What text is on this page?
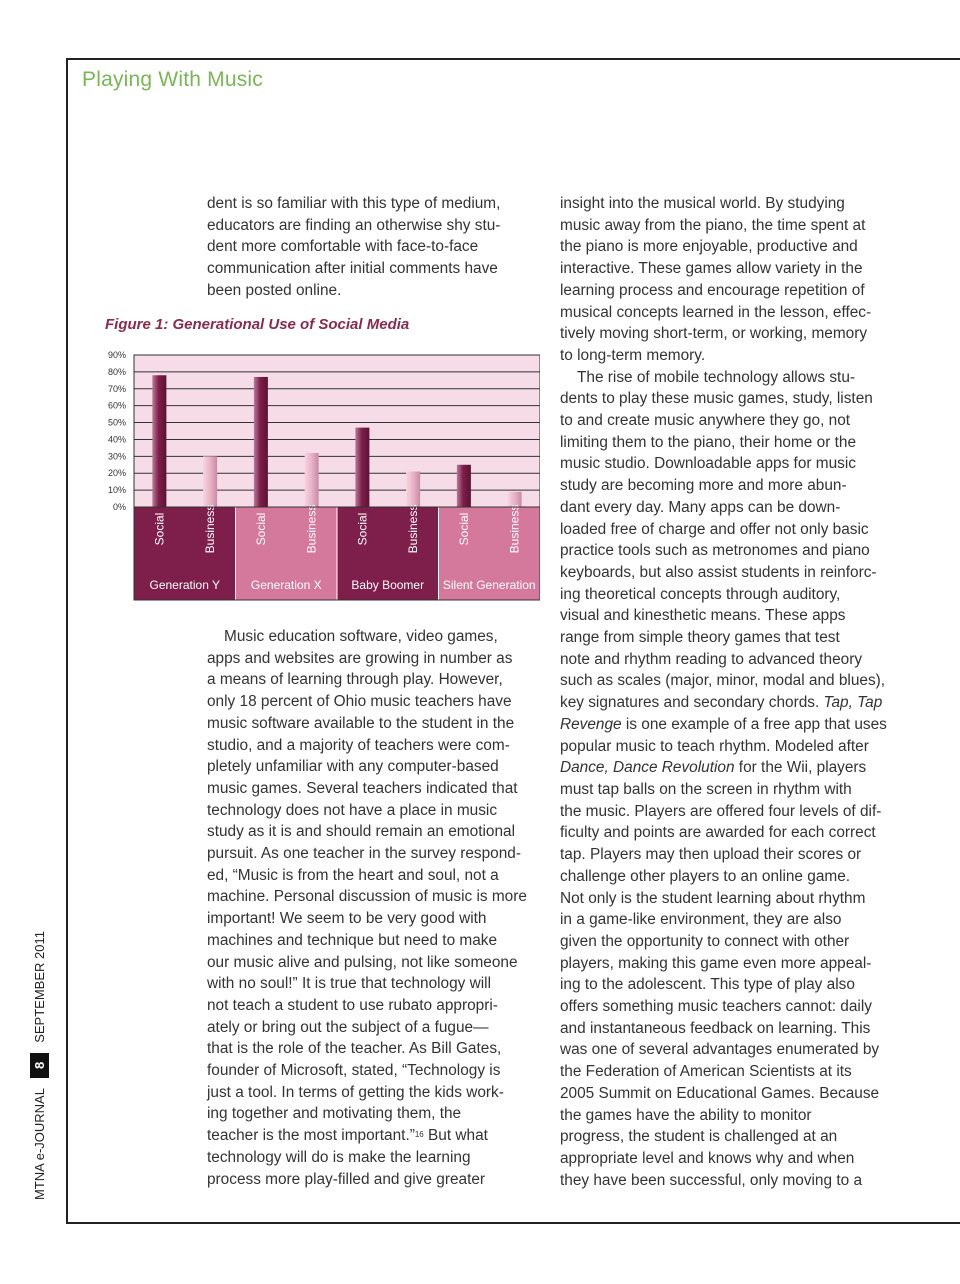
Playing With Music
MTNA e-JOURNAL
8
SEPTEMBER 2011

dent is so familiar with this type of medium,
educators are finding an otherwise shy stu-
dent more comfortable with face-to-face
communication after initial comments have
been posted online.

Figure 1: Generational Use of Social Media
90%
80%
70%
60%
50%
40%
30%
20%
10%
0%
Generation Y	Generation X Baby Boomer Silent Generation
Social	Business	Social	Business	Social	Business	Social	Business

Music education software, video games,
apps and websites are growing in number as
a means of learning through play. However,
only 18 percent of Ohio music teachers have
music software available to the student in the
studio, and a majority of teachers were com-
pletely unfamiliar with any computer-based
music games. Several teachers indicated that
technology does not have a place in music
study as it is and should remain an emotional
pursuit. As one teacher in the survey respond-
ed, “Music is from the heart and soul, not a
machine. Personal discussion of music is more
important! We seem to be very good with
machines and technique but need to make
our music alive and pulsing, not like someone
with no soul!” It is true that technology will
not teach a student to use rubato appropri-
ately or bring out the subject of a fugue—
that is the role of the teacher. As Bill Gates,
founder of Microsoft, stated, “Technology is
just a tool. In terms of getting the kids work-
ing together and motivating them, the
teacher is the most important.”$^{16}$ But what
technology will do is make the learning
process more play-filled and give greater

insight into the musical world. By studying
music away from the piano, the time spent at
the piano is more enjoyable, productive and
interactive. These games allow variety in the
learning process and encourage repetition of
musical concepts learned in the lesson, effec-
tively moving short-term, or working, memory
to long-term memory.

The rise of mobile technology allows stu-
dents to play these music games, study, listen
to and create music anywhere they go, not
limiting them to the piano, their home or the
music studio. Downloadable apps for music
study are becoming more and more abun-
dant every day. Many apps can be down-
loaded free of charge and offer not only basic
practice tools such as metronomes and piano
keyboards, but also assist students in reinforc-
ing theoretical concepts through auditory,
visual and kinesthetic means. These apps
range from simple theory games that test
note and rhythm reading to advanced theory
such as scales (major, minor, modal and blues),
key signatures and secondary chords. Tap, Tap
Revenge is one example of a free app that uses
popular music to teach rhythm. Modeled after
Dance, Dance Revolution for the Wii, players
must tap balls on the screen in rhythm with
the music. Players are offered four levels of dif-
ficulty and points are awarded for each correct
tap. Players may then upload their scores or
challenge other players to an online game.
Not only is the student learning about rhythm
in a game-like environment, they are also
given the opportunity to connect with other
players, making this game even more appeal-
ing to the adolescent. This type of play also
offers something music teachers cannot: daily
and instantaneous feedback on learning. This
was one of several advantages enumerated by
the Federation of American Scientists at its
2005 Summit on Educational Games. Because
the games have the ability to monitor
progress, the student is challenged at an
appropriate level and knows why and when
they have been successful, only moving to a
